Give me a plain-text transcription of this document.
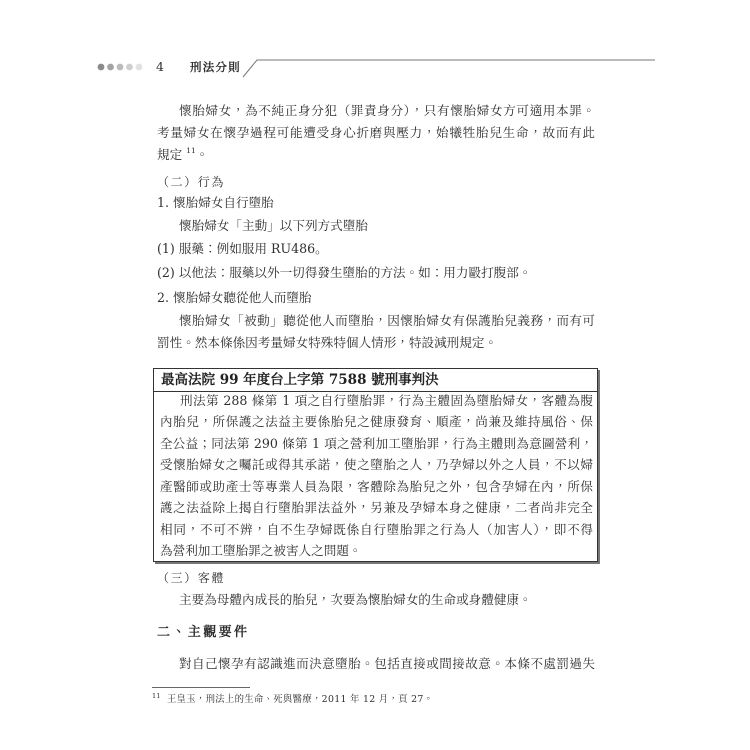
4 刑法分則
懷胎婦女，為不純正身分犯（罪責身分），只有懷胎婦女方可適用本罪。
考量婦女在懷孕過程可能遭受身心折磨與壓力，始犧牲胎兒生命，故而有此
規定 $^{11}$。
（二）行為
1. 懷胎婦女自行墮胎
懷胎婦女「主動」以下列方式墮胎
(1) 服藥：例如服用 RU486。
(2) 以他法：服藥以外一切得發生墮胎的方法。如：用力毆打腹部。
2. 懷胎婦女聽從他人而墮胎
懷胎婦女「被動」聽從他人而墮胎，因懷胎婦女有保護胎兒義務，而有可
罰性。然本條係因考量婦女特殊特個人情形，特設減刑規定。
最高法院 99 年度台上字第 7588 號刑事判決
刑法第 288 條第 1 項之自行墮胎罪，行為主體固為墮胎婦女，客體為腹
內胎兒，所保護之法益主要係胎兒之健康發育、順產，尚兼及維持風俗、保
全公益；同法第 290 條第 1 項之營利加工墮胎罪，行為主體則為意圖營利，
受懷胎婦女之囑託或得其承諾，使之墮胎之人，乃孕婦以外之人員，不以婦
產醫師或助產士等專業人員為限，客體除為胎兒之外，包含孕婦在內，所保
護之法益除上揭自行墮胎罪法益外，另兼及孕婦本身之健康，二者尚非完全
相同，不可不辨，自不生孕婦既係自行墮胎罪之行為人（加害人），即不得
為營利加工墮胎罪之被害人之問題。
（三）客體
主要為母體內成長的胎兒，次要為懷胎婦女的生命或身體健康。
二、主觀要件
對自己懷孕有認識進而決意墮胎。包括直接或間接故意。本條不處罰過失
$^{11}$ 王皇玉，刑法上的生命、死與醫療，2011 年 12 月，頁 27。
